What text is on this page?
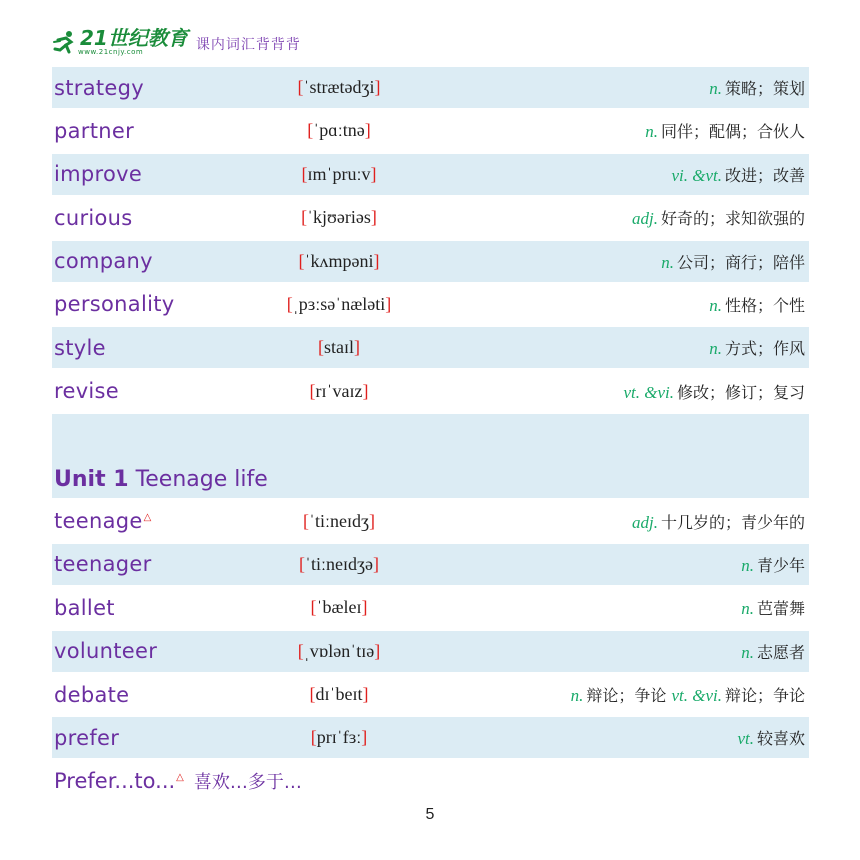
21世纪教育
www.21cnjy.com	课内词汇背背背
strategy	[ˈstrætədʒi]	n. 策略；策划
partner	[ˈpɑːtnə]	n. 同伴；配偶；合伙人
improve	[ɪmˈpruːv]	vi. &vt. 改进；改善
curious	[ˈkjʊəriəs]	adj. 好奇的；求知欲强的
company	[ˈkʌmpəni]	n. 公司；商行；陪伴
personality	[ˌpɜːsəˈnæləti]	n. 性格；个性
style	[staɪl]	n. 方式；作风
revise	[rɪˈvaɪz]	vt. &vi. 修改；修订；复习
Unit 1 Teenage life
teenage△	[ˈtiːneɪdʒ]	adj. 十几岁的；青少年的
teenager	[ˈtiːneɪdʒə]	n. 青少年
ballet	[ˈbæleɪ]	n. 芭蕾舞
volunteer	[ˌvɒlənˈtɪə]	n. 志愿者
debate	[dɪˈbeɪt]	n. 辩论；争论 vt. &vi. 辩论；争论
prefer	[prɪˈfɜː]	vt. 较喜欢
Prefer...to...△ 喜欢…多于…
5
